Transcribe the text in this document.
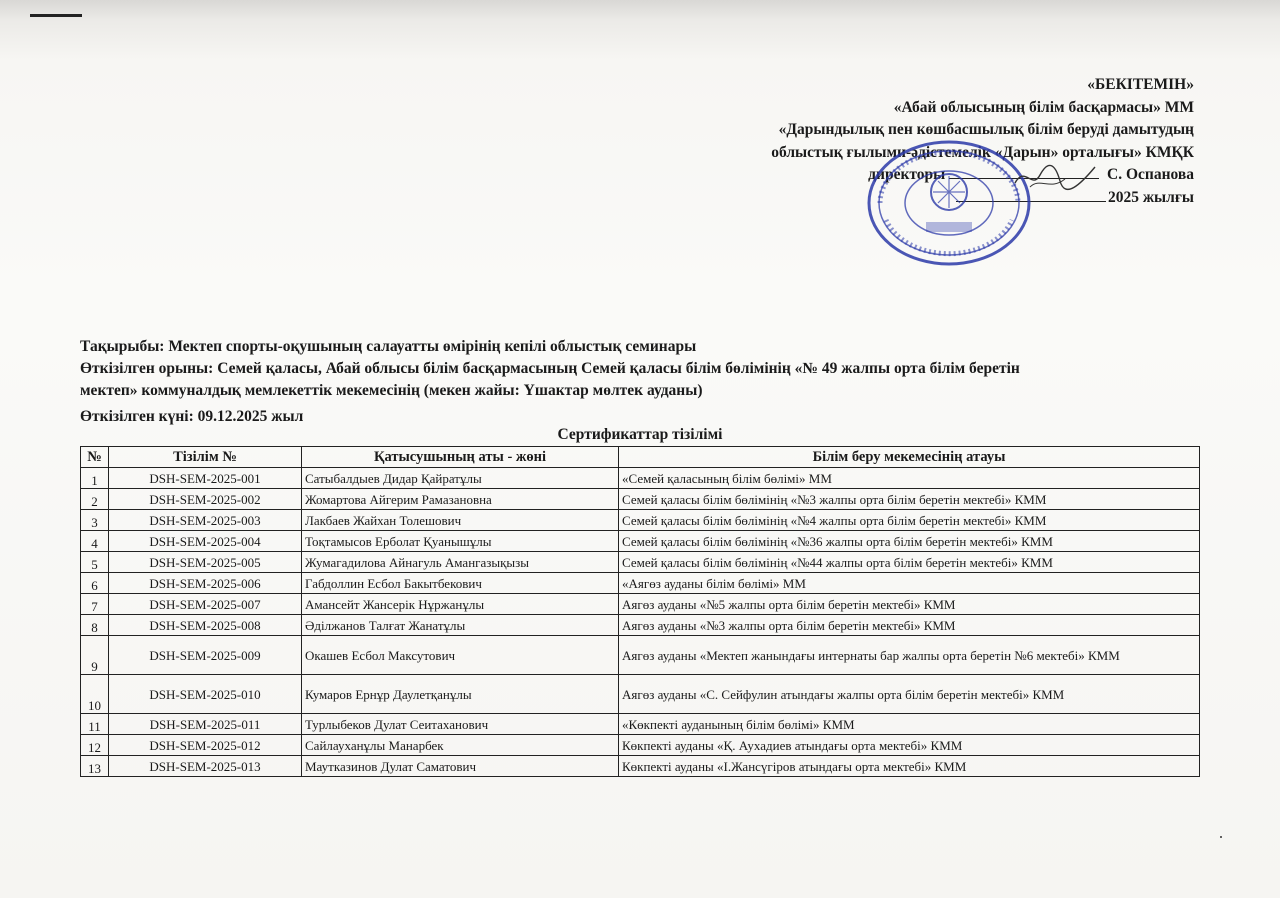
«БЕКІТЕМІН»
«Абай облысының білім басқармасы» ММ
«Дарындылық пен көшбасшылық білім беруді дамытудың
облыстық ғылыми-әдістемелік «Дарын» орталығы» КМҚК
директоры	С. Оспанова
2025 жылғы

Тақырыбы: Мектеп спорты-оқушының салауатты өмірінің кепілі облыстық семинары

Өткізілген орыны: Семей қаласы, Абай облысы білім басқармасының Семей қаласы білім бөлімінің «№ 49 жалпы орта білім беретін

мектеп» коммуналдық мемлекеттік мекемесінің (мекен жайы: Үшактар мөлтек ауданы)

Өткізілген күні: 09.12.2025 жыл

Сертификаттар тізілімі
№	Тізілім №	Қатысушының аты - жөні	Білім беру мекемесінің атауы
1	DSH-SEM-2025-001	Сатыбалдыев Дидар Қайратұлы	«Семей қаласының білім бөлімі» ММ
2	DSH-SEM-2025-002	Жомартова Айгерим Рамазановна	Семей қаласы білім бөлімінің «№3 жалпы орта білім беретін мектебі» КММ
3	DSH-SEM-2025-003	Лакбаев Жайхан Толешович	Семей қаласы білім бөлімінің «№4 жалпы орта білім беретін мектебі» КММ
4	DSH-SEM-2025-004	Тоқтамысов Ерболат Қуанышұлы	Семей қаласы білім бөлімінің «№36 жалпы орта білім беретін мектебі» КММ
5	DSH-SEM-2025-005	Жумагадилова Айнагуль Амангазықызы	Семей қаласы білім бөлімінің «№44 жалпы орта білім беретін мектебі» КММ
6	DSH-SEM-2025-006	Габдоллин Есбол Бакытбекович	«Аягөз ауданы білім бөлімі» ММ
7	DSH-SEM-2025-007	Амансейт Жансерік Нұржанұлы	Аягөз ауданы «№5 жалпы орта білім беретін мектебі» КММ
8	DSH-SEM-2025-008	Әділжанов Талғат Жанатұлы	Аягөз ауданы «№3 жалпы орта білім беретін мектебі» КММ
9	DSH-SEM-2025-009	Окашев Есбол Максутович	Аягөз ауданы «Мектеп жанындағы интернаты бар жалпы орта беретін №6 мектебі» КММ
10	DSH-SEM-2025-010	Кумаров Ернұр Даулетқанұлы	Аягөз ауданы «С. Сейфулин атындағы жалпы орта білім беретін мектебі» КММ
11	DSH-SEM-2025-011	Турлыбеков Дулат Сеитаханович	«Көкпекті ауданының білім бөлімі» КММ
12	DSH-SEM-2025-012	Сайлауханұлы Манарбек	Көкпекті ауданы «Қ. Аухадиев атындағы орта мектебі» КММ
13	DSH-SEM-2025-013	Маутказинов Дулат Саматович	Көкпекті ауданы «І.Жансүгіров атындағы орта мектебі» КММ
